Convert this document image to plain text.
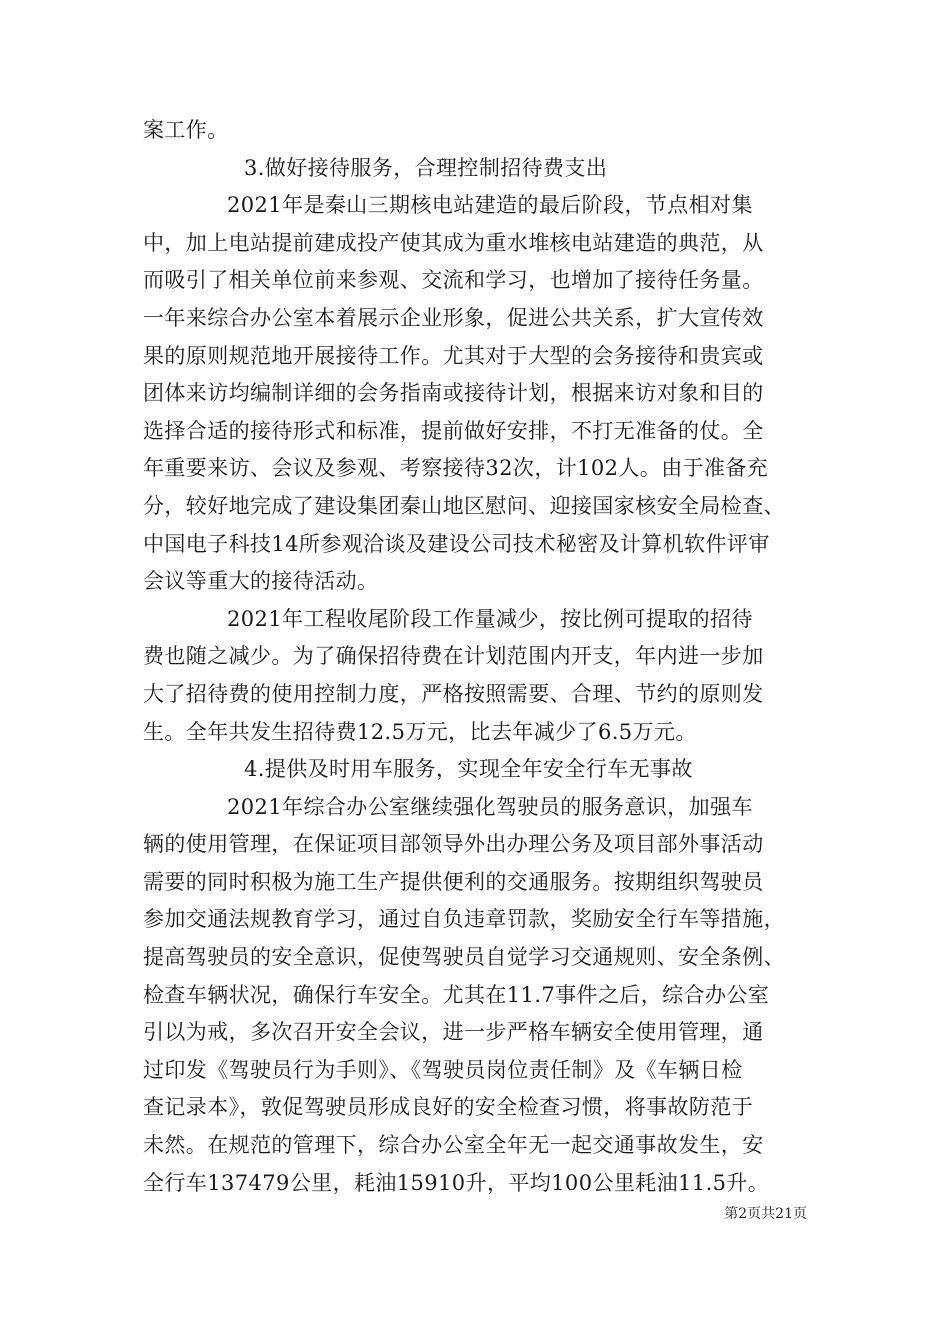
案工作。
3.做好接待服务，合理控制招待费支出
2021年是秦山三期核电站建造的最后阶段，节点相对集
中，加上电站提前建成投产使其成为重水堆核电站建造的典范，从
而吸引了相关单位前来参观、交流和学习，也增加了接待任务量。
一年来综合办公室本着展示企业形象，促进公共关系，扩大宣传效
果的原则规范地开展接待工作。尤其对于大型的会务接待和贵宾或
团体来访均编制详细的会务指南或接待计划，根据来访对象和目的
选择合适的接待形式和标准，提前做好安排，不打无准备的仗。全
年重要来访、会议及参观、考察接待32次，计102人。由于准备充
分，较好地完成了建设集团秦山地区慰问、迎接国家核安全局检查、
中国电子科技14所参观洽谈及建设公司技术秘密及计算机软件评审
会议等重大的接待活动。
2021年工程收尾阶段工作量减少，按比例可提取的招待
费也随之减少。为了确保招待费在计划范围内开支，年内进一步加
大了招待费的使用控制力度，严格按照需要、合理、节约的原则发
生。全年共发生招待费12.5万元，比去年减少了6.5万元。
4.提供及时用车服务，实现全年安全行车无事故
2021年综合办公室继续强化驾驶员的服务意识，加强车
辆的使用管理，在保证项目部领导外出办理公务及项目部外事活动
需要的同时积极为施工生产提供便利的交通服务。按期组织驾驶员
参加交通法规教育学习，通过自负违章罚款，奖励安全行车等措施，
提高驾驶员的安全意识，促使驾驶员自觉学习交通规则、安全条例、
检查车辆状况，确保行车安全。尤其在11.7事件之后，综合办公室
引以为戒，多次召开安全会议，进一步严格车辆安全使用管理，通
过印发《驾驶员行为手则》、《驾驶员岗位责任制》及《车辆日检
查记录本》，敦促驾驶员形成良好的安全检查习惯，将事故防范于
未然。在规范的管理下，综合办公室全年无一起交通事故发生，安
全行车137479公里，耗油15910升，平均100公里耗油11.5升。
第2页共21页
